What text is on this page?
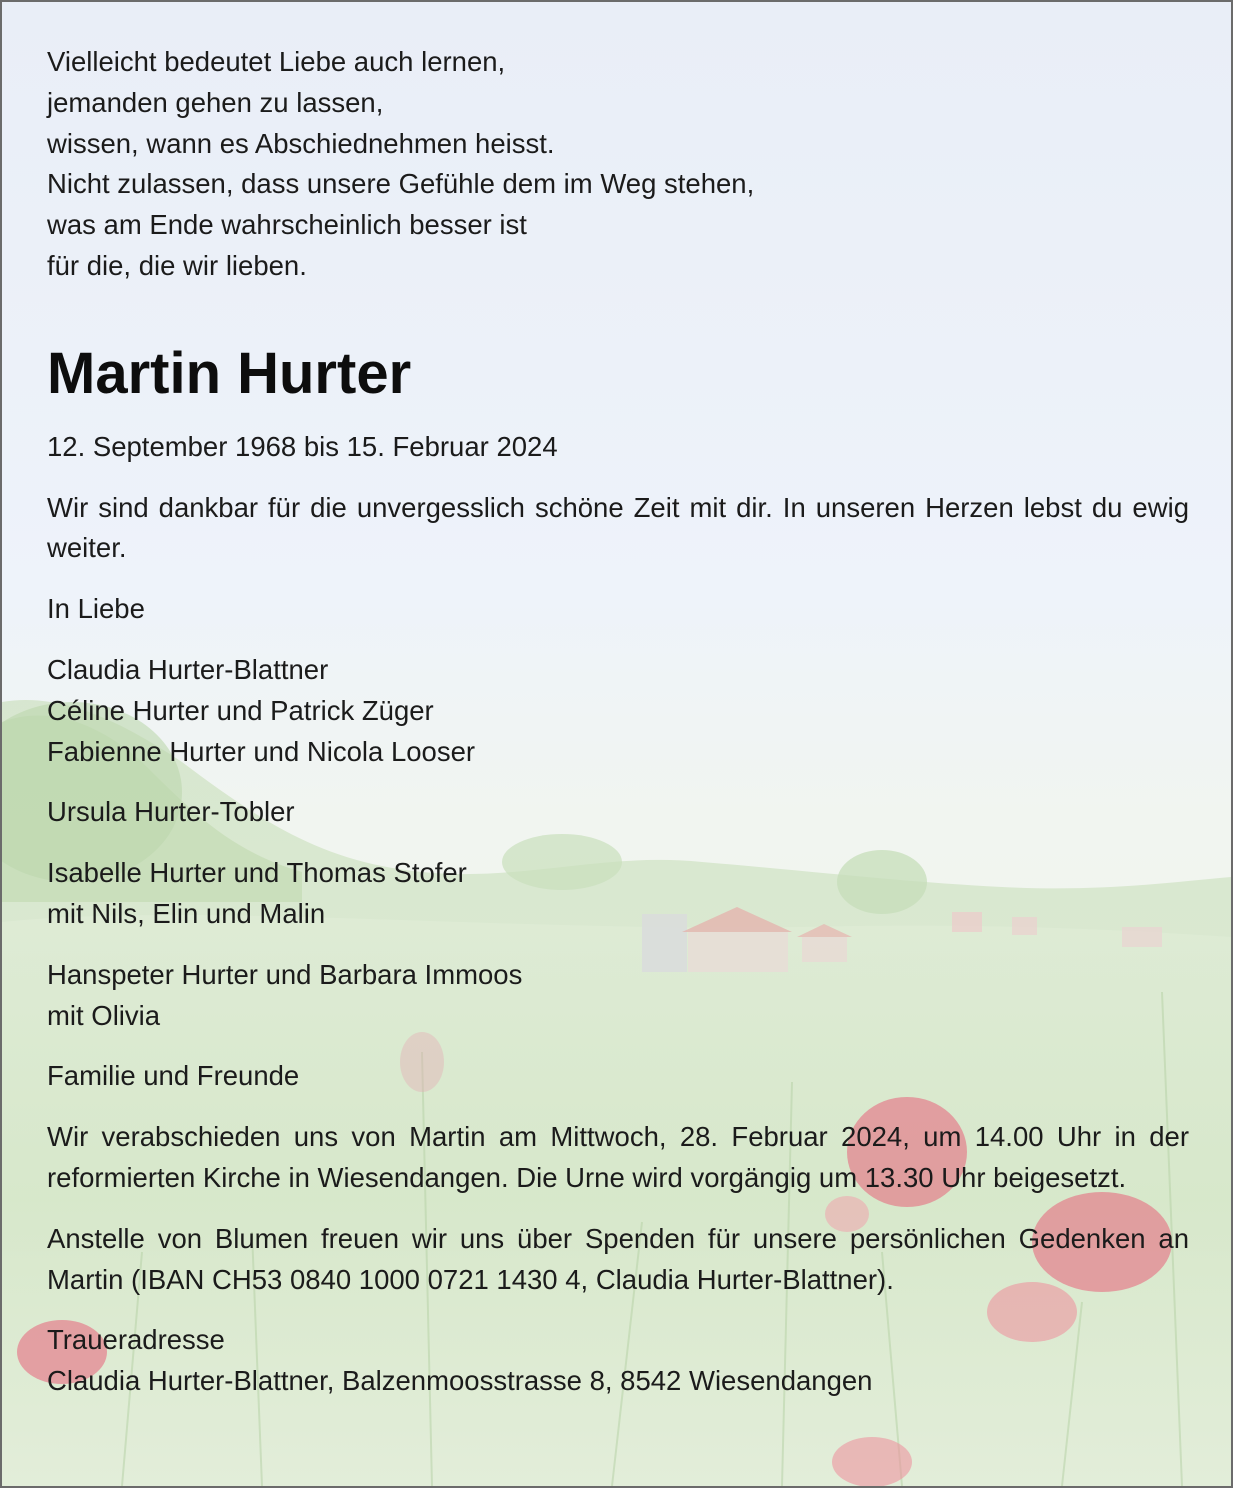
Vielleicht bedeutet Liebe auch lernen,
jemanden gehen zu lassen,
wissen, wann es Abschiednehmen heisst.
Nicht zulassen, dass unsere Gefühle dem im Weg stehen,
was am Ende wahrscheinlich besser ist
für die, die wir lieben.
Martin Hurter
12. September 1968 bis 15. Februar 2024
Wir sind dankbar für die unvergesslich schöne Zeit mit dir. In unseren Herzen lebst du ewig weiter.
In Liebe
Claudia Hurter-Blattner
Céline Hurter und Patrick Züger
Fabienne Hurter und Nicola Looser
Ursula Hurter-Tobler
Isabelle Hurter und Thomas Stofer
mit Nils, Elin und Malin
Hanspeter Hurter und Barbara Immoos
mit Olivia
Familie und Freunde
Wir verabschieden uns von Martin am Mittwoch, 28. Februar 2024, um 14.00 Uhr in der reformierten Kirche in Wiesendangen. Die Urne wird vorgängig um 13.30 Uhr beigesetzt.
Anstelle von Blumen freuen wir uns über Spenden für unsere persönlichen Gedenken an Martin (IBAN CH53 0840 1000 0721 1430 4, Claudia Hurter-Blattner).
Traueradresse
Claudia Hurter-Blattner, Balzenmoosstrasse 8, 8542 Wiesendangen
